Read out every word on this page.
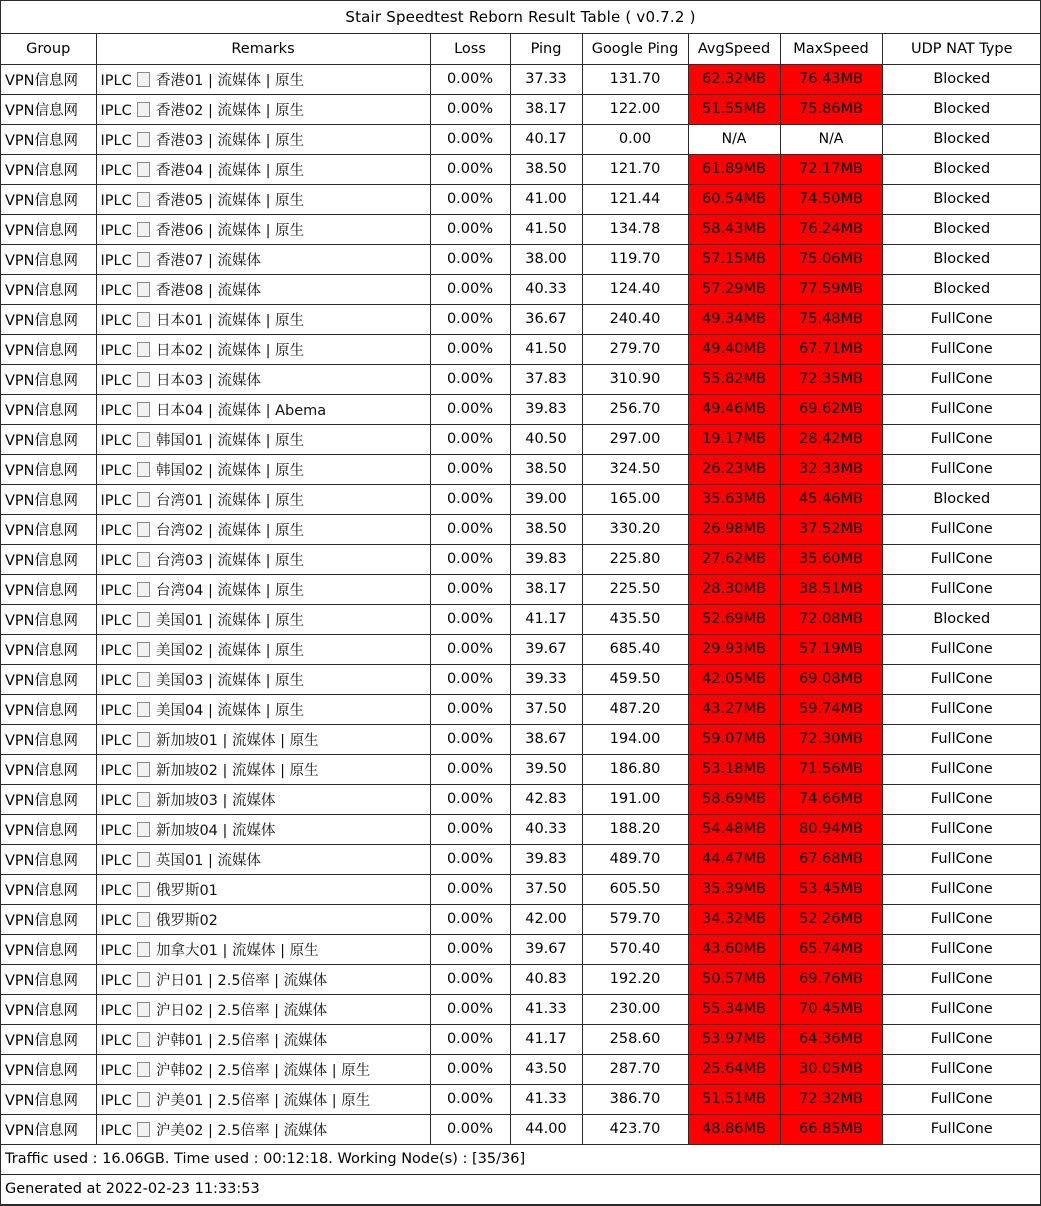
Stair Speedtest Reborn Result Table ( v0.7.2 )
Group	Remarks	Loss	Ping	Google Ping	AvgSpeed	MaxSpeed	UDP NAT Type
VPN信息网	IPLC 香港01 | 流媒体 | 原生	0.00%	37.33	131.70	62.32MB	76.43MB	Blocked
VPN信息网	IPLC 香港02 | 流媒体 | 原生	0.00%	38.17	122.00	51.55MB	75.86MB	Blocked
VPN信息网	IPLC 香港03 | 流媒体 | 原生	0.00%	40.17	0.00	N/A	N/A	Blocked
VPN信息网	IPLC 香港04 | 流媒体 | 原生	0.00%	38.50	121.70	61.89MB	72.17MB	Blocked
VPN信息网	IPLC 香港05 | 流媒体 | 原生	0.00%	41.00	121.44	60.54MB	74.50MB	Blocked
VPN信息网	IPLC 香港06 | 流媒体 | 原生	0.00%	41.50	134.78	58.43MB	76.24MB	Blocked
VPN信息网	IPLC 香港07 | 流媒体	0.00%	38.00	119.70	57.15MB	75.06MB	Blocked
VPN信息网	IPLC 香港08 | 流媒体	0.00%	40.33	124.40	57.29MB	77.59MB	Blocked
VPN信息网	IPLC 日本01 | 流媒体 | 原生	0.00%	36.67	240.40	49.34MB	75.48MB	FullCone
VPN信息网	IPLC 日本02 | 流媒体 | 原生	0.00%	41.50	279.70	49.40MB	67.71MB	FullCone
VPN信息网	IPLC 日本03 | 流媒体	0.00%	37.83	310.90	55.82MB	72.35MB	FullCone
VPN信息网	IPLC 日本04 | 流媒体 | Abema	0.00%	39.83	256.70	49.46MB	69.62MB	FullCone
VPN信息网	IPLC 韩国01 | 流媒体 | 原生	0.00%	40.50	297.00	19.17MB	28.42MB	FullCone
VPN信息网	IPLC 韩国02 | 流媒体 | 原生	0.00%	38.50	324.50	26.23MB	32.33MB	FullCone
VPN信息网	IPLC 台湾01 | 流媒体 | 原生	0.00%	39.00	165.00	35.63MB	45.46MB	Blocked
VPN信息网	IPLC 台湾02 | 流媒体 | 原生	0.00%	38.50	330.20	26.98MB	37.52MB	FullCone
VPN信息网	IPLC 台湾03 | 流媒体 | 原生	0.00%	39.83	225.80	27.62MB	35.60MB	FullCone
VPN信息网	IPLC 台湾04 | 流媒体 | 原生	0.00%	38.17	225.50	28.30MB	38.51MB	FullCone
VPN信息网	IPLC 美国01 | 流媒体 | 原生	0.00%	41.17	435.50	52.69MB	72.08MB	Blocked
VPN信息网	IPLC 美国02 | 流媒体 | 原生	0.00%	39.67	685.40	29.93MB	57.19MB	FullCone
VPN信息网	IPLC 美国03 | 流媒体 | 原生	0.00%	39.33	459.50	42.05MB	69.08MB	FullCone
VPN信息网	IPLC 美国04 | 流媒体 | 原生	0.00%	37.50	487.20	43.27MB	59.74MB	FullCone
VPN信息网	IPLC 新加坡01 | 流媒体 | 原生	0.00%	38.67	194.00	59.07MB	72.30MB	FullCone
VPN信息网	IPLC 新加坡02 | 流媒体 | 原生	0.00%	39.50	186.80	53.18MB	71.56MB	FullCone
VPN信息网	IPLC 新加坡03 | 流媒体	0.00%	42.83	191.00	58.69MB	74.66MB	FullCone
VPN信息网	IPLC 新加坡04 | 流媒体	0.00%	40.33	188.20	54.48MB	80.94MB	FullCone
VPN信息网	IPLC 英国01 | 流媒体	0.00%	39.83	489.70	44.47MB	67.68MB	FullCone
VPN信息网	IPLC 俄罗斯01	0.00%	37.50	605.50	35.39MB	53.45MB	FullCone
VPN信息网	IPLC 俄罗斯02	0.00%	42.00	579.70	34.32MB	52.26MB	FullCone
VPN信息网	IPLC 加拿大01 | 流媒体 | 原生	0.00%	39.67	570.40	43.60MB	65.74MB	FullCone
VPN信息网	IPLC 沪日01 | 2.5倍率 | 流媒体	0.00%	40.83	192.20	50.57MB	69.76MB	FullCone
VPN信息网	IPLC 沪日02 | 2.5倍率 | 流媒体	0.00%	41.33	230.00	55.34MB	70.45MB	FullCone
VPN信息网	IPLC 沪韩01 | 2.5倍率 | 流媒体	0.00%	41.17	258.60	53.97MB	64.36MB	FullCone
VPN信息网	IPLC 沪韩02 | 2.5倍率 | 流媒体 | 原生	0.00%	43.50	287.70	25.64MB	30.05MB	FullCone
VPN信息网	IPLC 沪美01 | 2.5倍率 | 流媒体 | 原生	0.00%	41.33	386.70	51.51MB	72.32MB	FullCone
VPN信息网	IPLC 沪美02 | 2.5倍率 | 流媒体	0.00%	44.00	423.70	48.86MB	66.85MB	FullCone
Traffic used : 16.06GB. Time used : 00:12:18. Working Node(s) : [35/36]							
Generated at 2022-02-23 11:33:53							
